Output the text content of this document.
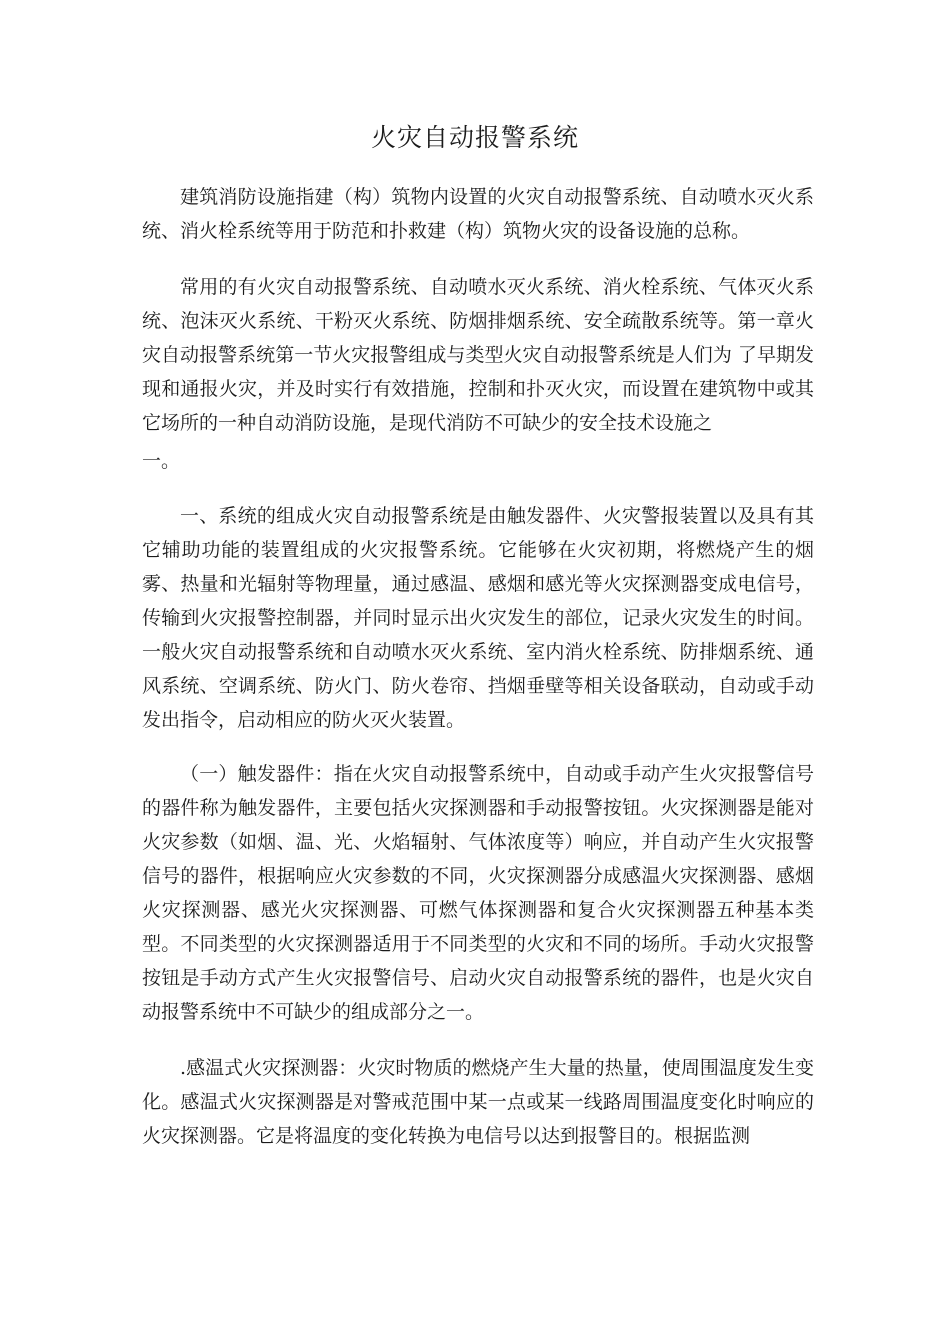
火灾自动报警系统

建筑消防设施指建（构）筑物内设置的火灾自动报警系统、自动喷水灭火系统、消火栓系统等用于防范和扑救建（构）筑物火灾的设备设施的总称。

常用的有火灾自动报警系统、自动喷水灭火系统、消火栓系统、气体灭火系统、泡沫灭火系统、干粉灭火系统、防烟排烟系统、安全疏散系统等。第一章火灾自动报警系统第一节火灾报警组成与类型火灾自动报警系统是人们为 了早期发现和通报火灾，并及时实行有效措施，控制和扑灭火灾，而设置在建筑物中或其它场所的一种自动消防设施，是现代消防不可缺少的安全技术设施之

一。

一、系统的组成火灾自动报警系统是由触发器件、火灾警报装置以及具有其它辅助功能的装置组成的火灾报警系统。它能够在火灾初期，将燃烧产生的烟雾、热量和光辐射等物理量，通过感温、感烟和感光等火灾探测器变成电信号， 传输到火灾报警控制器，并同时显示出火灾发生的部位，记录火灾发生的时间。 一般火灾自动报警系统和自动喷水灭火系统、室内消火栓系统、防排烟系统、通 风系统、空调系统、防火门、防火卷帘、挡烟垂壁等相关设备联动，自动或手动 发出指令，启动相应的防火灭火装置。

（一）触发器件：指在火灾自动报警系统中，自动或手动产生火灾报警信号的器件称为触发器件，主要包括火灾探测器和手动报警按钮。火灾探测器是能对火灾参数（如烟、温、光、火焰辐射、气体浓度等）响应，并自动产生火灾报警信号的器件，根据响应火灾参数的不同，火灾探测器分成感温火灾探测器、感烟火灾探测器、感光火灾探测器、可燃气体探测器和复合火灾探测器五种基本类型。不同类型的火灾探测器适用于不同类型的火灾和不同的场所。手动火灾报警按钮是手动方式产生火灾报警信号、启动火灾自动报警系统的器件，也是火灾自动报警系统中不可缺少的组成部分之一。

.感温式火灾探测器：火灾时物质的燃烧产生大量的热量，使周围温度发生变化。感温式火灾探测器是对警戒范围中某一点或某一线路周围温度变化时响应的火灾探测器。它是将温度的变化转换为电信号以达到报警目的。根据监测
